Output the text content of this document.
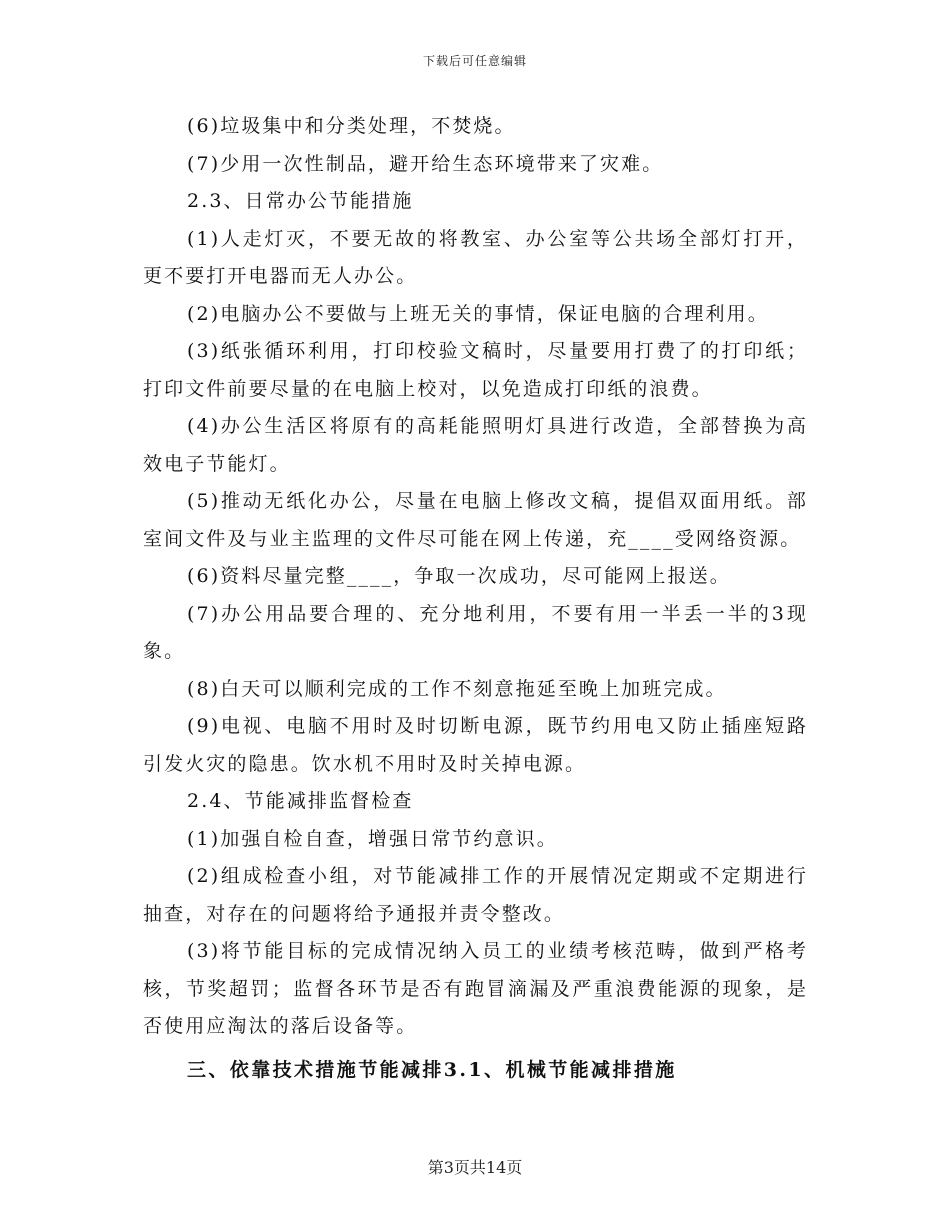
下载后可任意编辑

(6)垃圾集中和分类处理，不焚烧。

(7)少用一次性制品，避开给生态环境带来了灾难。

2.3、日常办公节能措施

(1)人走灯灭，不要无故的将教室、办公室等公共场全部灯打开，更不要打开电器而无人办公。

(2)电脑办公不要做与上班无关的事情，保证电脑的合理利用。

(3)纸张循环利用，打印校验文稿时，尽量要用打费了的打印纸；打印文件前要尽量的在电脑上校对，以免造成打印纸的浪费。

(4)办公生活区将原有的高耗能照明灯具进行改造，全部替换为高效电子节能灯。

(5)推动无纸化办公，尽量在电脑上修改文稿，提倡双面用纸。部室间文件及与业主监理的文件尽可能在网上传递，充____受网络资源。

(6)资料尽量完整____，争取一次成功，尽可能网上报送。

(7)办公用品要合理的、充分地利用，不要有用一半丢一半的3现象。

(8)白天可以顺利完成的工作不刻意拖延至晚上加班完成。

(9)电视、电脑不用时及时切断电源，既节约用电又防止插座短路引发火灾的隐患。饮水机不用时及时关掉电源。

2.4、节能减排监督检查

(1)加强自检自查，增强日常节约意识。

(2)组成检查小组，对节能减排工作的开展情况定期或不定期进行抽查，对存在的问题将给予通报并责令整改。

(3)将节能目标的完成情况纳入员工的业绩考核范畴，做到严格考核，节奖超罚；监督各环节是否有跑冒滴漏及严重浪费能源的现象，是否使用应淘汰的落后设备等。

三、依靠技术措施节能减排3.1、机械节能减排措施

第3页共14页
